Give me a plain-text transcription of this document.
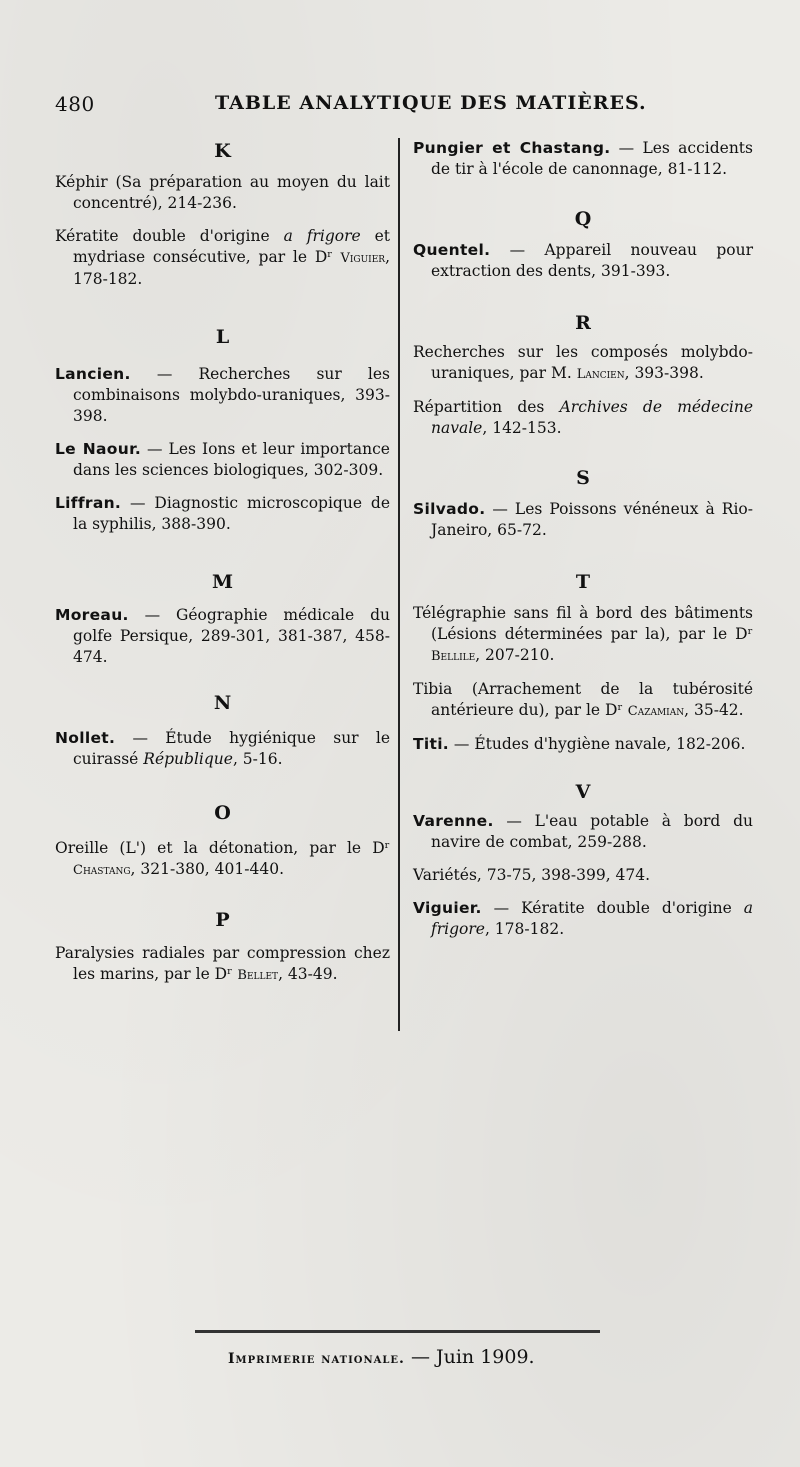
480	TABLE ANALYTIQUE DES MATIÈRES.

K

Képhir (Sa préparation au moyen du lait concentré), 214-236.

Kératite double d'origine a frigore et mydriase consécutive, par le Dʳ Viguier, 178-182.

L

Lancien. — Recherches sur les combinaisons molybdo-uraniques, 393-398.

Le Naour. — Les Ions et leur importance dans les sciences biologiques, 302-309.

Liffran. — Diagnostic microscopique de la syphilis, 388-390.

M

Moreau. — Géographie médicale du golfe Persique, 289-301, 381-387, 458-474.

N

Nollet. — Étude hygiénique sur le cuirassé République, 5-16.

O

Oreille (L') et la détonation, par le Dʳ Chastang, 321-380, 401-440.

P

Paralysies radiales par compression chez les marins, par le Dʳ Bellet, 43-49.

Pungier et Chastang. — Les accidents de tir à l'école de canonnage, 81-112.

Q

Quentel. — Appareil nouveau pour extraction des dents, 391-393.

R

Recherches sur les composés molybdo-uraniques, par M. Lancien, 393-398.

Répartition des Archives de médecine navale, 142-153.

S

Silvado. — Les Poissons vénéneux à Rio-Janeiro, 65-72.

T

Télégraphie sans fil à bord des bâtiments (Lésions déterminées par la), par le Dʳ Bellile, 207-210.

Tibia (Arrachement de la tubérosité antérieure du), par le Dʳ Cazamian, 35-42.

Titi. — Études d'hygiène navale, 182-206.

V

Varenne. — L'eau potable à bord du navire de combat, 259-288.

Variétés, 73-75, 398-399, 474.

Viguier. — Kératite double d'origine a frigore, 178-182.

Imprimerie nationale. — Juin 1909.
